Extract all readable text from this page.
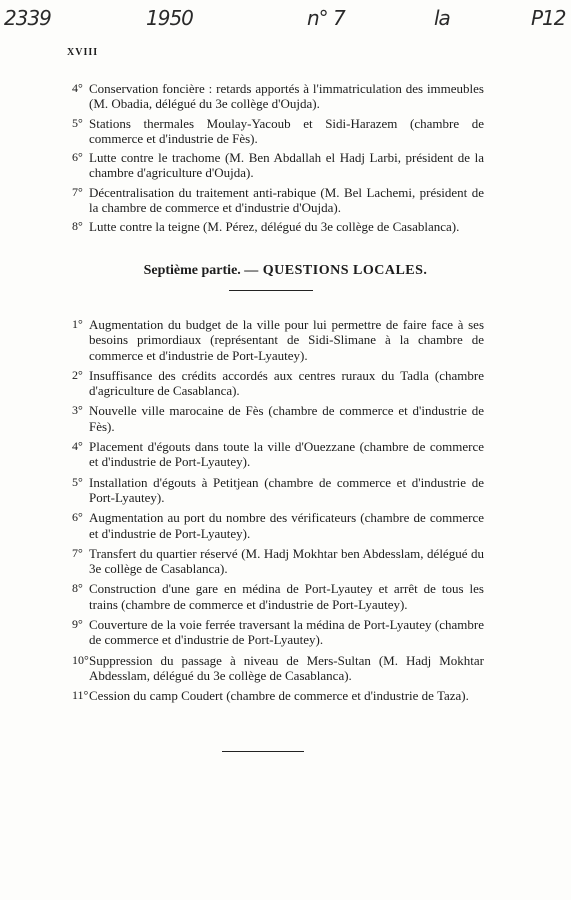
2339	1950	n° 7	la	P12
XVIII
4° Conservation foncière : retards apportés à l'immatriculation des immeubles (M. Obadia, délégué du 3e collège d'Oujda).
5° Stations thermales Moulay-Yacoub et Sidi-Harazem (chambre de commerce et d'industrie de Fès).
6° Lutte contre le trachome (M. Ben Abdallah el Hadj Larbi, président de la chambre d'agriculture d'Oujda).
7° Décentralisation du traitement anti-rabique (M. Bel Lachemi, président de la chambre de commerce et d'industrie d'Oujda).
8° Lutte contre la teigne (M. Pérez, délégué du 3e collège de Casablanca).
Septième partie. — QUESTIONS LOCALES.
1° Augmentation du budget de la ville pour lui permettre de faire face à ses besoins primordiaux (représentant de Sidi-Slimane à la chambre de commerce et d'industrie de Port-Lyautey).
2° Insuffisance des crédits accordés aux centres ruraux du Tadla (chambre d'agriculture de Casablanca).
3° Nouvelle ville marocaine de Fès (chambre de commerce et d'industrie de Fès).
4° Placement d'égouts dans toute la ville d'Ouezzane (chambre de commerce et d'industrie de Port-Lyautey).
5° Installation d'égouts à Petitjean (chambre de commerce et d'industrie de Port-Lyautey).
6° Augmentation au port du nombre des vérificateurs (chambre de commerce et d'industrie de Port-Lyautey).
7° Transfert du quartier réservé (M. Hadj Mokhtar ben Abdesslam, délégué du 3e collège de Casablanca).
8° Construction d'une gare en médina de Port-Lyautey et arrêt de tous les trains (chambre de commerce et d'industrie de Port-Lyautey).
9° Couverture de la voie ferrée traversant la médina de Port-Lyautey (chambre de commerce et d'industrie de Port-Lyautey).
10° Suppression du passage à niveau de Mers-Sultan (M. Hadj Mokhtar Abdesslam, délégué du 3e collège de Casablanca).
11° Cession du camp Coudert (chambre de commerce et d'industrie de Taza).
